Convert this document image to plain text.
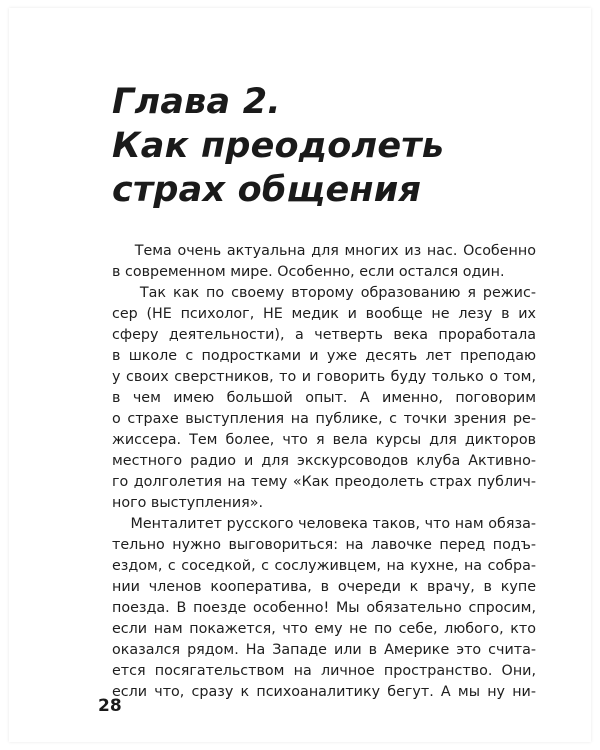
Глава 2.
Как преодолеть
страх общения

Тема очень актуальна для многих из нас. Особенно
в современном мире. Особенно, если остался один.

Так как по своему второму образованию я режис-
сер (НЕ психолог, НЕ медик и вообще не лезу в их
сферу деятельности), а четверть века проработала
в школе с подростками и уже десять лет преподаю
у своих сверстников, то и говорить буду только о том,
в чем имею большой опыт. А именно, поговорим
о страхе выступления на публике, с точки зрения ре-
жиссера. Тем более, что я вела курсы для дикторов
местного радио и для экскурсоводов клуба Активно-
го долголетия на тему «Как преодолеть страх публич-
ного выступления».

Менталитет русского человека таков, что нам обяза-
тельно нужно выговориться: на лавочке перед подъ-
ездом, с соседкой, с сослуживцем, на кухне, на собра-
нии членов кооператива, в очереди к врачу, в купе
поезда. В поезде особенно! Мы обязательно спросим,
если нам покажется, что ему не по себе, любого, кто
оказался рядом. На Западе или в Америке это счита-
ется посягательством на личное пространство. Они,
если что, сразу к психоаналитику бегут. А мы ну ни-

28
